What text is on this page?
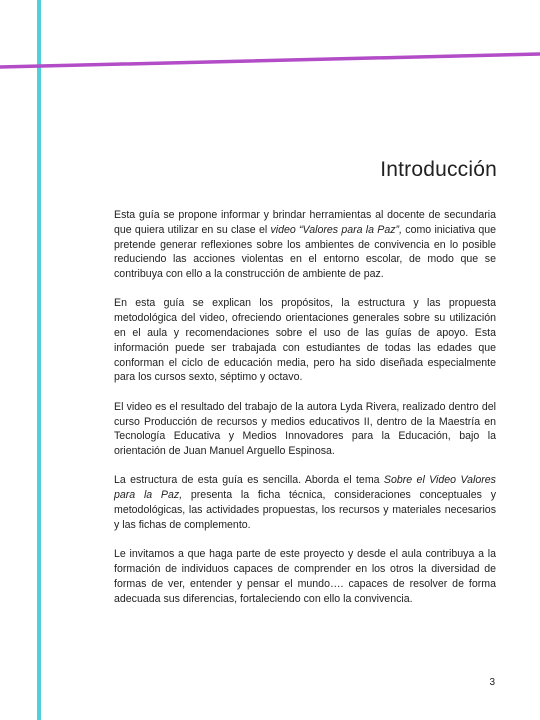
Introducción

Esta guía se propone informar y brindar herramientas al docente de secundaria que quiera utilizar en su clase el video “Valores para la Paz”, como iniciativa que pretende generar reflexiones sobre los ambientes de convivencia en lo posible reduciendo las acciones violentas en el entorno escolar, de modo que se contribuya con ello a la construcción de ambiente de paz.

En esta guía se explican los propósitos, la estructura y las propuesta metodológica del video, ofreciendo orientaciones generales sobre su utilización en el aula y recomendaciones sobre el uso de las guías de apoyo. Esta información puede ser trabajada con estudiantes de todas las edades que conforman el ciclo de educación media, pero ha sido diseñada especialmente para los cursos sexto, séptimo y octavo.

El video es el resultado del trabajo de la autora Lyda Rivera, realizado dentro del curso Producción de recursos y medios educativos II, dentro de la Maestría en Tecnología Educativa y Medios Innovadores para la Educación, bajo la orientación de Juan Manuel Arguello Espinosa.

La estructura de esta guía es sencilla. Aborda el tema Sobre el Video Valores para la Paz, presenta la ficha técnica, consideraciones conceptuales y metodológicas, las actividades propuestas, los recursos y materiales necesarios y las fichas de complemento.

Le invitamos a que haga parte de este proyecto y desde el aula contribuya a la formación de individuos capaces de comprender en los otros la diversidad de formas de ver, entender y pensar el mundo…. capaces de resolver de forma adecuada sus diferencias, fortaleciendo con ello la convivencia.

3
